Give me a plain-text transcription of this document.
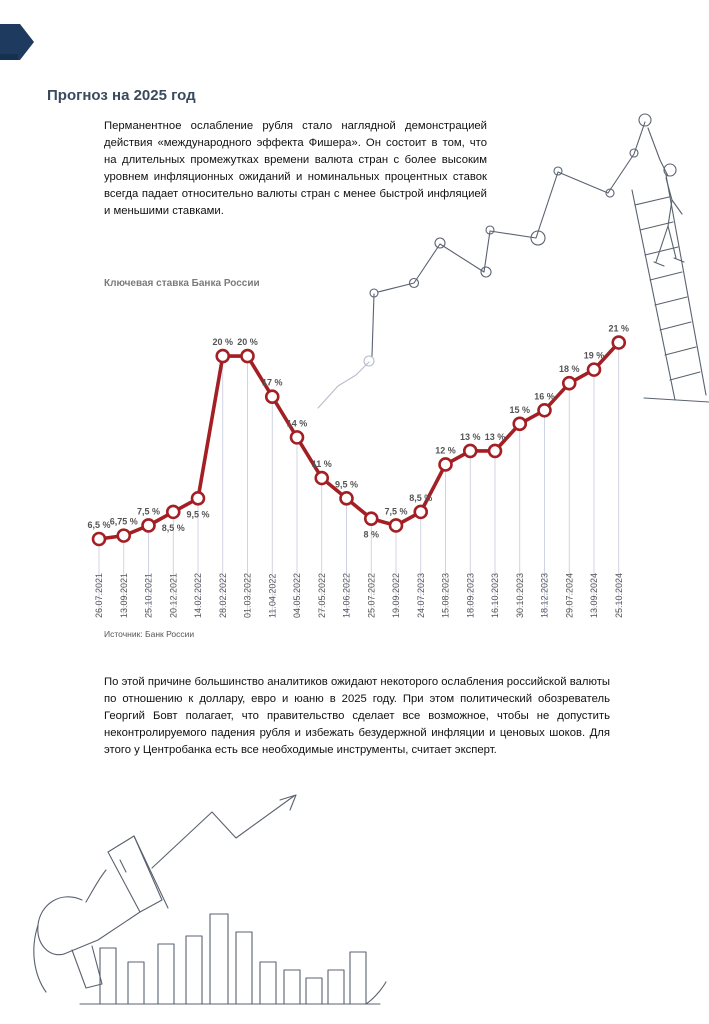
Прогноз на 2025 год

Перманентное ослабление рубля стало наглядной демонстрацией действия «международного эффекта Фишера». Он состоит в том, что на длительных промежутках времени валюта стран с более высоким уровнем инфляционных ожиданий и номинальных процентных ставок всегда падает относительно валюты стран с менее быстрой инфляцией и меньшими ставками.

Ключевая ставка Банка России

6,5 % 6,75 %
7,5 %
8,5 %
9,5 %
20 % 20 %
17 %
14 %
11 %
9,5 %
8 %
7,5 %
8,5 %
12 %
13 % 13 %
15 %
16 %
18 %
19 %
21 %
26.07.2021 13.09.2021 25.10.2021 20.12.2021 14.02.2022 28.02.2022 01.03.2022 11.04.2022 04.05.2022 27.05.2022 14.06.2022 25.07.2022 19.09.2022 24.07.2023 15.08.2023 18.09.2023 16.10.2023 30.10.2023 18.12.2023 29.07.2024 13.09.2024 25.10.2024
Источник: Банк России

По этой причине большинство аналитиков ожидают некоторого ослабления российской валюты по отношению к доллару, евро и юаню в 2025 году. При этом политический обозреватель Георгий Бовт полагает, что правительство сделает все возможное, чтобы не допустить неконтролируемого падения рубля и избежать безудержной инфляции и ценовых шоков. Для этого у Центробанка есть все необходимые инструменты, считает эксперт.
